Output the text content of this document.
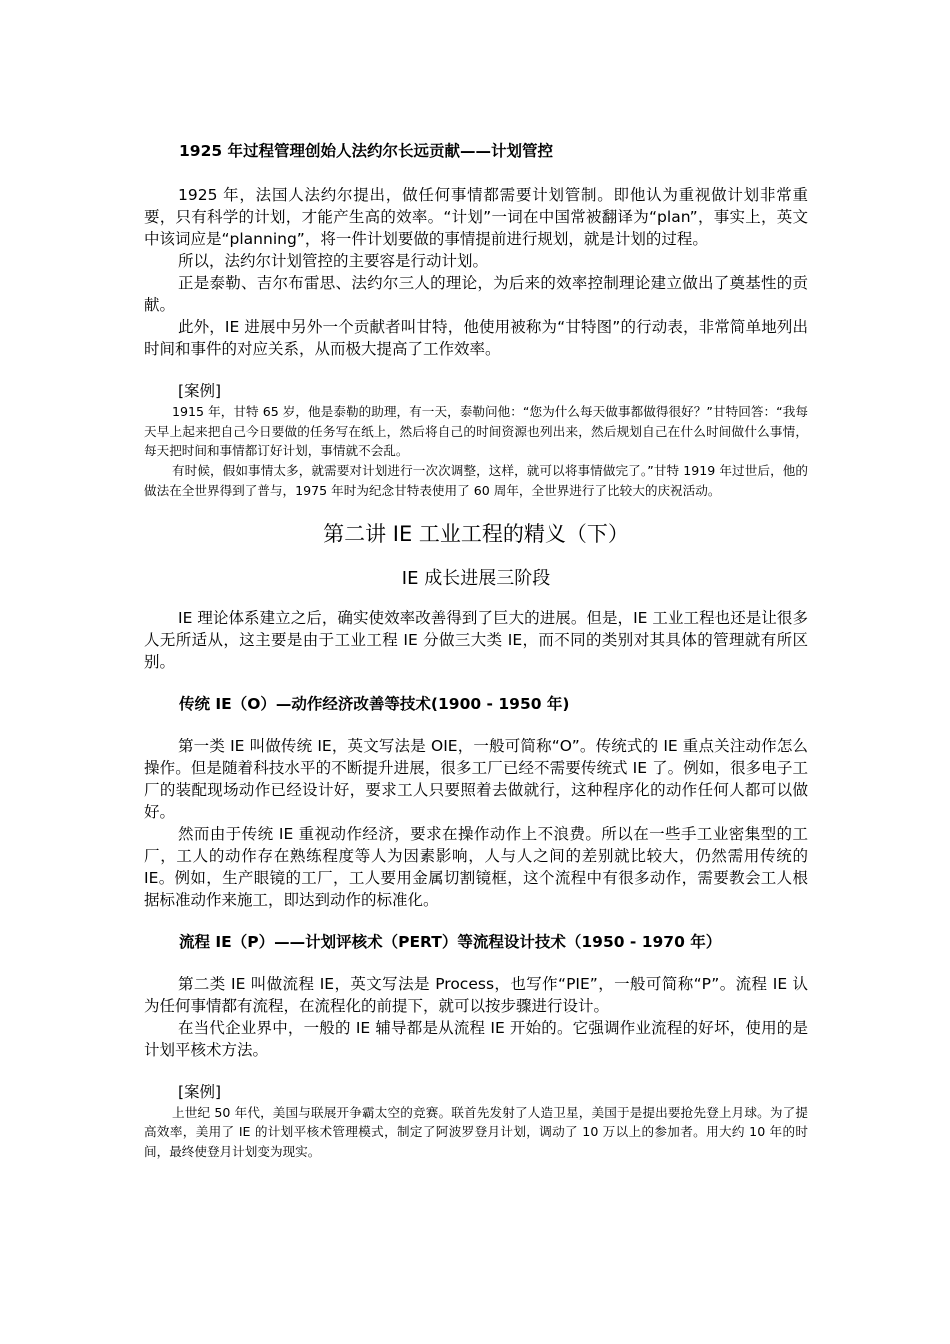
1925 年过程管理创始人法约尔长远贡献——计划管控

1925 年，法国人法约尔提出，做任何事情都需要计划管制。即他认为重视做计划非常重要，只有科学的计划，才能产生高的效率。“计划”一词在中国常被翻译为“plan”，事实上，英文中该词应是“planning”，将一件计划要做的事情提前进行规划，就是计划的过程。

所以，法约尔计划管控的主要容是行动计划。

正是泰勒、吉尔布雷思、法约尔三人的理论，为后来的效率控制理论建立做出了奠基性的贡献。

此外，IE 进展中另外一个贡献者叫甘特，他使用被称为“甘特图”的行动表，非常简单地列出时间和事件的对应关系，从而极大提高了工作效率。

[案例]

1915 年，甘特 65 岁，他是泰勒的助理，有一天，泰勒问他：“您为什么每天做事都做得很好？”甘特回答：“我每天早上起来把自己今日要做的任务写在纸上，然后将自己的时间资源也列出来，然后规划自己在什么时间做什么事情，每天把时间和事情都订好计划，事情就不会乱。

有时候，假如事情太多，就需要对计划进行一次次调整，这样，就可以将事情做完了。”甘特 1919 年过世后，他的做法在全世界得到了普与，1975 年时为纪念甘特表使用了 60 周年，全世界进行了比较大的庆祝活动。

第二讲 IE 工业工程的精义（下）

IE 成长进展三阶段

IE 理论体系建立之后，确实使效率改善得到了巨大的进展。但是，IE 工业工程也还是让很多人无所适从，这主要是由于工业工程 IE 分做三大类 IE，而不同的类别对其具体的管理就有所区别。

传统 IE（O）—动作经济改善等技术(1900 - 1950 年)

第一类 IE 叫做传统 IE，英文写法是 OIE，一般可简称“O”。传统式的 IE 重点关注动作怎么操作。但是随着科技水平的不断提升进展，很多工厂已经不需要传统式 IE 了。例如，很多电子工厂的装配现场动作已经设计好，要求工人只要照着去做就行，这种程序化的动作任何人都可以做好。

然而由于传统 IE 重视动作经济，要求在操作动作上不浪费。所以在一些手工业密集型的工厂，工人的动作存在熟练程度等人为因素影响，人与人之间的差别就比较大，仍然需用传统的 IE。例如，生产眼镜的工厂，工人要用金属切割镜框，这个流程中有很多动作，需要教会工人根据标准动作来施工，即达到动作的标准化。

流程 IE（P）——计划评核术（PERT）等流程设计技术（1950 - 1970 年）

第二类 IE 叫做流程 IE，英文写法是 Process，也写作“PIE”，一般可简称“P”。流程 IE 认为任何事情都有流程，在流程化的前提下，就可以按步骤进行设计。

在当代企业界中，一般的 IE 辅导都是从流程 IE 开始的。它强调作业流程的好坏，使用的是计划平核术方法。

[案例]

上世纪 50 年代，美国与联展开争霸太空的竞赛。联首先发射了人造卫星，美国于是提出要抢先登上月球。为了提高效率，美用了 IE 的计划平核术管理模式，制定了阿波罗登月计划，调动了 10 万以上的参加者。用大约 10 年的时间，最终使登月计划变为现实。
